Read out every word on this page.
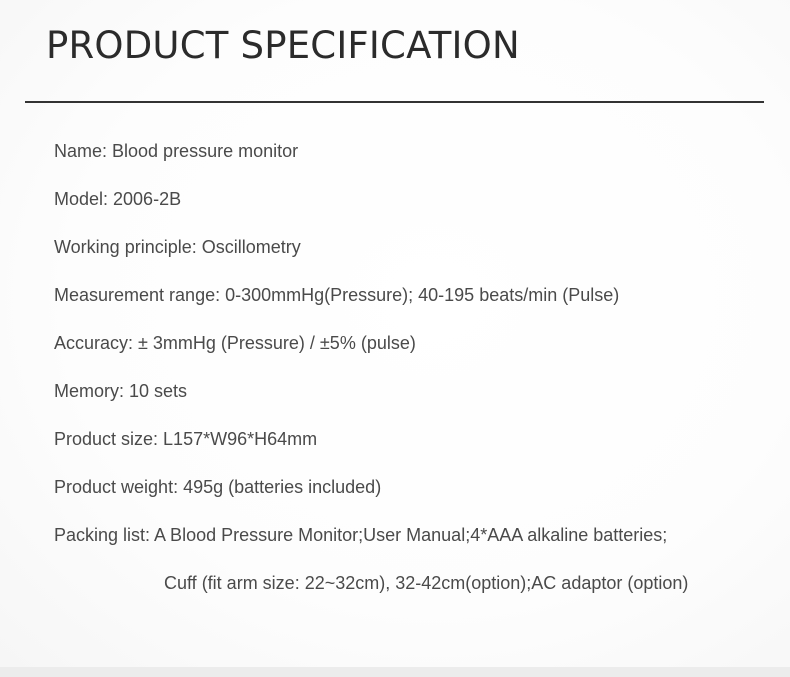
PRODUCT SPECIFICATION
Name: Blood pressure monitor
Model: 2006-2B
Working principle: Oscillometry
Measurement range: 0-300mmHg(Pressure); 40-195 beats/min (Pulse)
Accuracy: ± 3mmHg (Pressure) / ±5% (pulse)
Memory: 10 sets
Product size: L157*W96*H64mm
Product weight: 495g (batteries included)
Packing list: A Blood Pressure Monitor;User Manual;4*AAA alkaline batteries;
Cuff (fit arm size: 22~32cm), 32-42cm(option);AC adaptor (option)
